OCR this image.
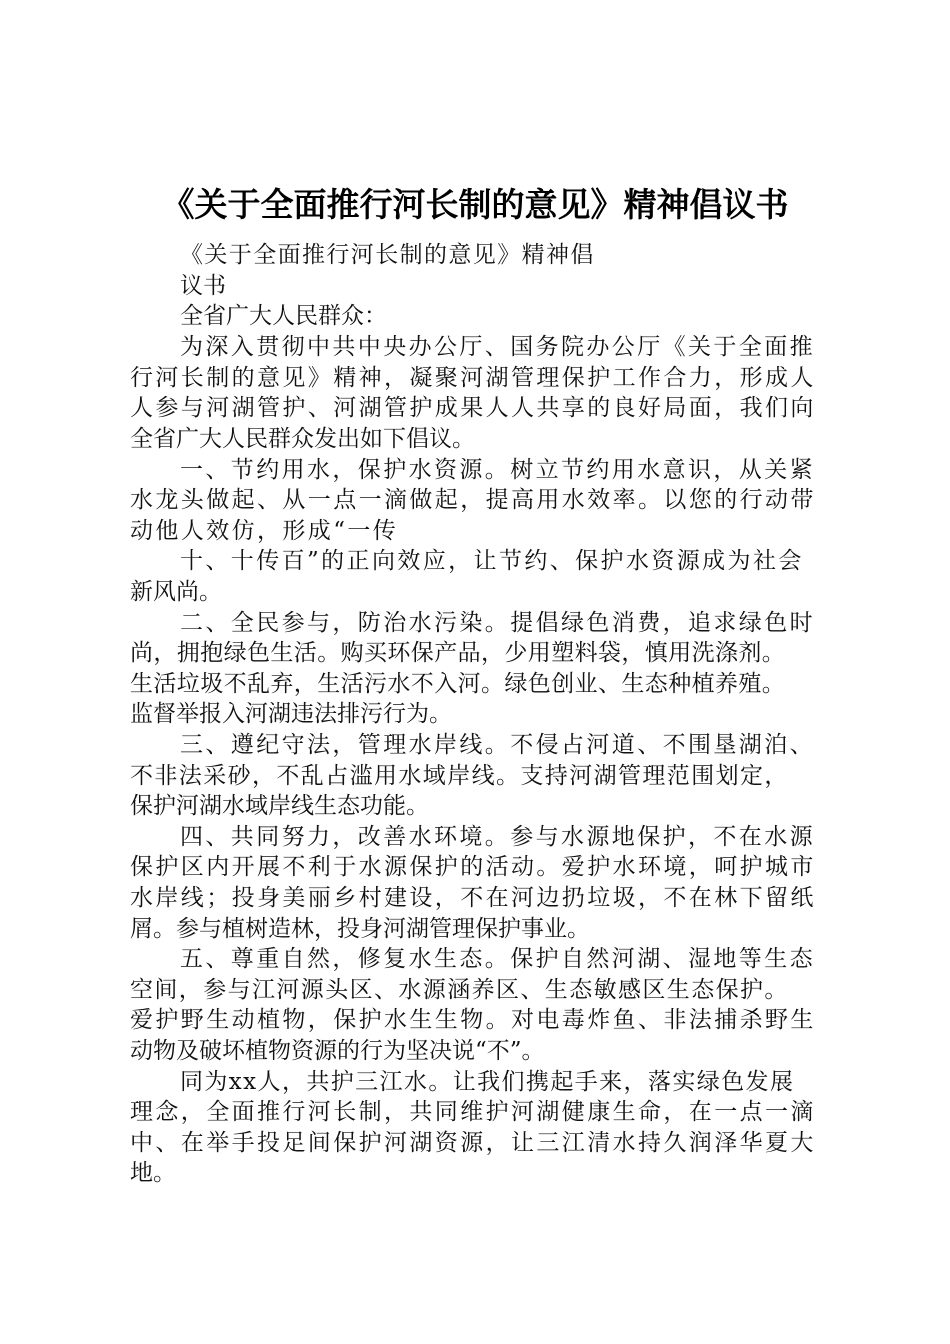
《关于全面推行河长制的意见》精神倡议书
《关于全面推行河长制的意见》精神倡
议书
全省广大人民群众：
为深入贯彻中共中央办公厅、国务院办公厅《关于全面推
行河长制的意见》精神，凝聚河湖管理保护工作合力，形成人
人参与河湖管护、河湖管护成果人人共享的良好局面，我们向
全省广大人民群众发出如下倡议。
一、节约用水，保护水资源。树立节约用水意识，从关紧
水龙头做起、从一点一滴做起，提高用水效率。以您的行动带
动他人效仿，形成“一传
十、十传百”的正向效应，让节约、保护水资源成为社会
新风尚。
二、全民参与，防治水污染。提倡绿色消费，追求绿色时
尚，拥抱绿色生活。购买环保产品，少用塑料袋，慎用洗涤剂。
生活垃圾不乱弃，生活污水不入河。绿色创业、生态种植养殖。
监督举报入河湖违法排污行为。
三、遵纪守法，管理水岸线。不侵占河道、不围垦湖泊、
不非法采砂，不乱占滥用水域岸线。支持河湖管理范围划定，
保护河湖水域岸线生态功能。
四、共同努力，改善水环境。参与水源地保护，不在水源
保护区内开展不利于水源保护的活动。爱护水环境，呵护城市
水岸线；投身美丽乡村建设，不在河边扔垃圾，不在林下留纸
屑。参与植树造林，投身河湖管理保护事业。
五、尊重自然，修复水生态。保护自然河湖、湿地等生态
空间，参与江河源头区、水源涵养区、生态敏感区生态保护。
爱护野生动植物，保护水生生物。对电毒炸鱼、非法捕杀野生
动物及破坏植物资源的行为坚决说“不”。
同为xx人，共护三江水。让我们携起手来，落实绿色发展
理念，全面推行河长制，共同维护河湖健康生命，在一点一滴
中、在举手投足间保护河湖资源，让三江清水持久润泽华夏大
地。
